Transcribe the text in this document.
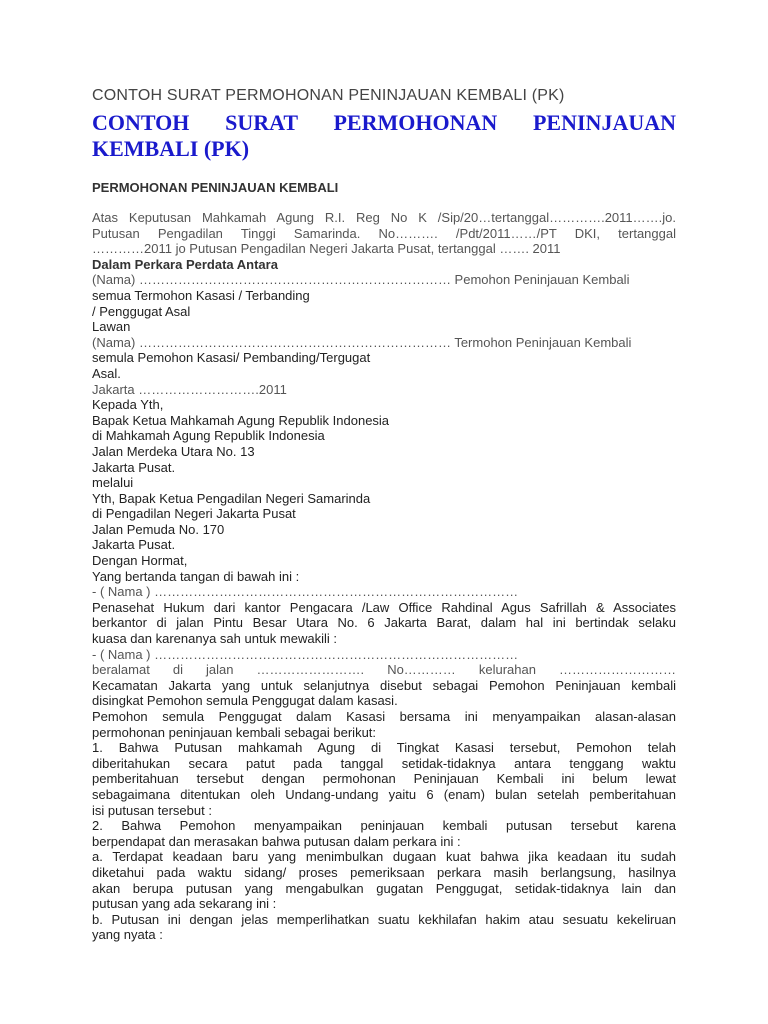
CONTOH SURAT PERMOHONAN PENINJAUAN KEMBALI (PK)
CONTOH SURAT PERMOHONAN PENINJAUAN
KEMBALI (PK)
PERMOHONAN PENINJAUAN KEMBALI
Atas Keputusan Mahkamah Agung R.I. Reg No K /Sip/20…tertanggal………….2011…….jo.
Putusan Pengadilan Tinggi Samarinda. No………. /Pdt/2011……/PT DKI, tertanggal
…………2011 jo Putusan Pengadilan Negeri Jakarta Pusat, tertanggal ……. 2011
Dalam Perkara Perdata Antara
(Nama) ……………………………………………………………… Pemohon Peninjauan Kembali
semua Termohon Kasasi / Terbanding
/ Penggugat Asal
Lawan
(Nama) ……………………………………………………………… Termohon Peninjauan Kembali
semula Pemohon Kasasi/ Pembanding/Tergugat
Asal.
Jakarta ……………………….2011
Kepada Yth,
Bapak Ketua Mahkamah Agung Republik Indonesia
di Mahkamah Agung Republik Indonesia
Jalan Merdeka Utara No. 13
Jakarta Pusat.
melalui
Yth, Bapak Ketua Pengadilan Negeri Samarinda
di Pengadilan Negeri Jakarta Pusat
Jalan Pemuda No. 170
Jakarta Pusat.
Dengan Hormat,
Yang bertanda tangan di bawah ini :
- ( Nama ) …………………………………………………………………………
Penasehat Hukum dari kantor Pengacara /Law Office Rahdinal Agus Safrillah & Associates
berkantor di jalan Pintu Besar Utara No. 6 Jakarta Barat, dalam hal ini bertindak selaku
kuasa dan karenanya sah untuk mewakili :
- ( Nama ) …………………………………………………………………………
beralamat di jalan ……………………. No………… kelurahan ………………………
Kecamatan Jakarta yang untuk selanjutnya disebut sebagai Pemohon Peninjauan kembali
disingkat Pemohon semula Penggugat dalam kasasi.
Pemohon semula Penggugat dalam Kasasi bersama ini menyampaikan alasan-alasan
permohonan peninjauan kembali sebagai berikut:
1. Bahwa Putusan mahkamah Agung di Tingkat Kasasi tersebut, Pemohon telah
diberitahukan secara patut pada tanggal setidak-tidaknya antara tenggang waktu
pemberitahuan tersebut dengan permohonan Peninjauan Kembali ini belum lewat
sebagaimana ditentukan oleh Undang-undang yaitu 6 (enam) bulan setelah pemberitahuan
isi putusan tersebut :
2. Bahwa Pemohon menyampaikan peninjauan kembali putusan tersebut karena
berpendapat dan merasakan bahwa putusan dalam perkara ini :
a. Terdapat keadaan baru yang menimbulkan dugaan kuat bahwa jika keadaan itu sudah
diketahui pada waktu sidang/ proses pemeriksaan perkara masih berlangsung, hasilnya
akan berupa putusan yang mengabulkan gugatan Penggugat, setidak-tidaknya lain dan
putusan yang ada sekarang ini :
b. Putusan ini dengan jelas memperlihatkan suatu kekhilafan hakim atau sesuatu kekeliruan
yang nyata :
